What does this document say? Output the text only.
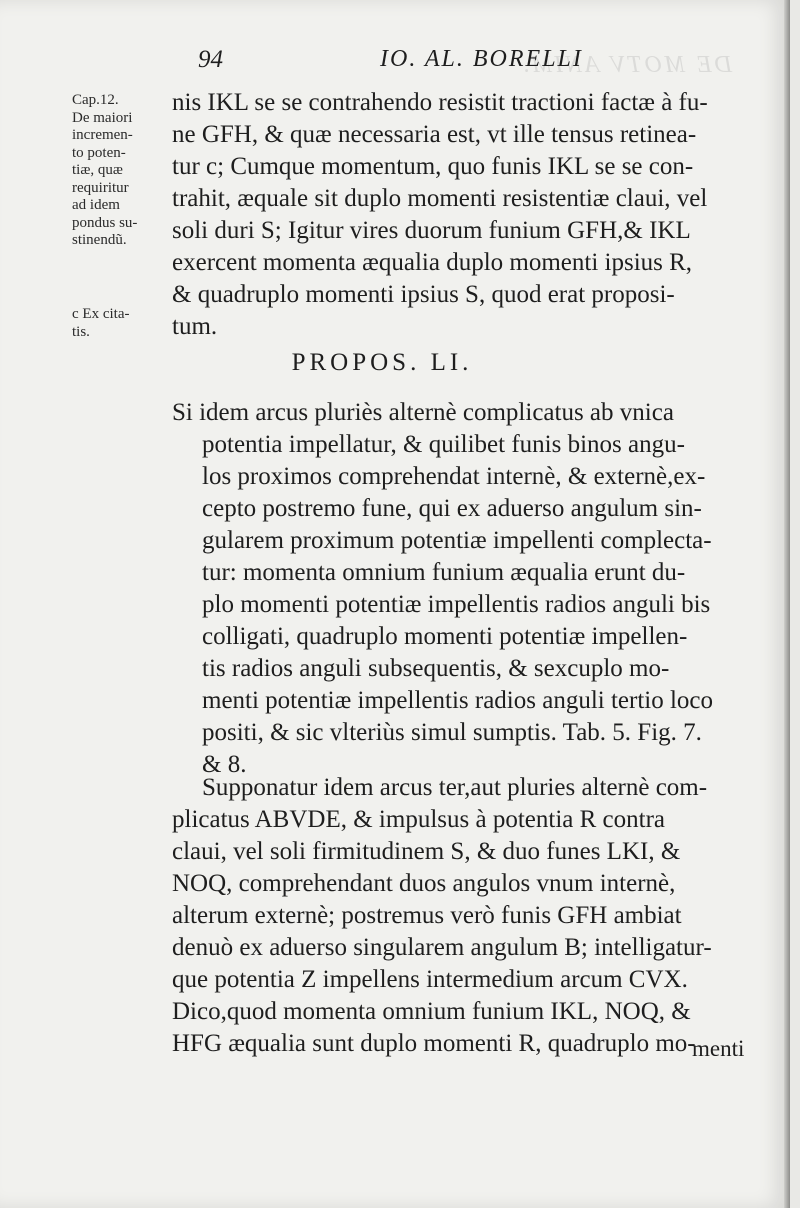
DE MOTV ANIM.
94	IO. AL. BORELLI
Cap.12.
De maiori
incremen-
to poten-
tiæ, quæ
requiritur
ad idem
pondus su-
stinendũ.
c Ex cita-
tis.
nis IKL se se contrahendo resistit tractioni factæ à fu-
ne GFH, & quæ necessaria est, vt ille tensus retinea-
tur c; Cumque momentum, quo funis IKL se se con-
trahit, æquale sit duplo momenti resistentiæ claui, vel
soli duri S; Igitur vires duorum funium GFH,& IKL
exercent momenta æqualia duplo momenti ipsius R,
& quadruplo momenti ipsius S, quod erat proposi-
tum.
PROPOS. LI.
Si idem arcus pluriès alternè complicatus ab vnica
potentia impellatur, & quilibet funis binos angu-
los proximos comprehendat internè, & externè,ex-
cepto postremo fune, qui ex aduerso angulum sin-
gularem proximum potentiæ impellenti complecta-
tur: momenta omnium funium æqualia erunt du-
plo momenti potentiæ impellentis radios anguli bis
colligati, quadruplo momenti potentiæ impellen-
tis radios anguli subsequentis, & sexcuplo mo-
menti potentiæ impellentis radios anguli tertio loco
positi, & sic vlteriùs simul sumptis. Tab. 5. Fig. 7.
& 8.
Supponatur idem arcus ter,aut pluries alternè com-
plicatus ABVDE, & impulsus à potentia R contra
claui, vel soli firmitudinem S, & duo funes LKI, &
NOQ, comprehendant duos angulos vnum internè,
alterum externè; postremus verò funis GFH ambiat
denuò ex aduerso singularem angulum B; intelligatur-
que potentia Z impellens intermedium arcum CVX.
Dico,quod momenta omnium funium IKL, NOQ, &
HFG æqualia sunt duplo momenti R, quadruplo mo-
menti
